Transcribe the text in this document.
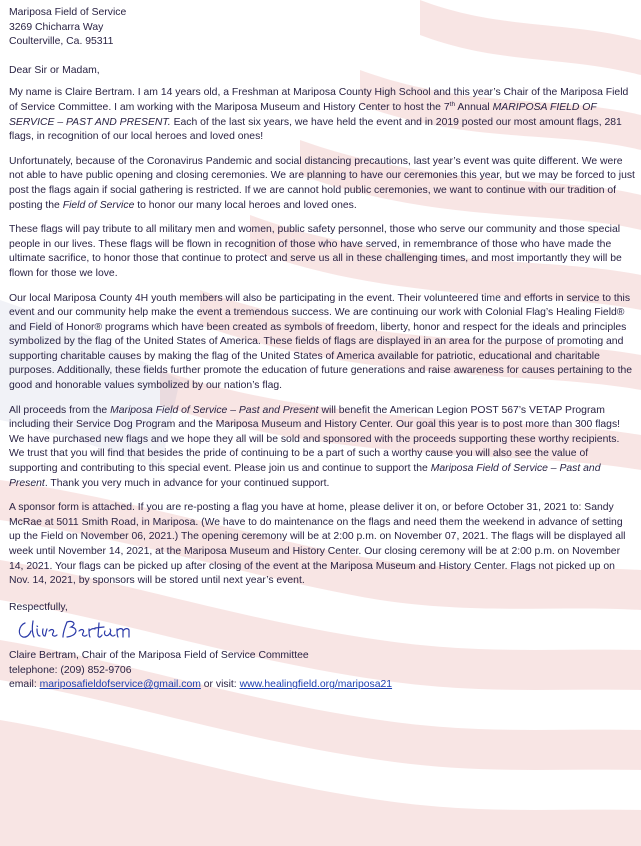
Mariposa Field of Service
3269 Chicharra Way
Coulterville, Ca. 95311
Dear Sir or Madam,

My name is Claire Bertram. I am 14 years old, a Freshman at Mariposa County High School and this year’s Chair of the Mariposa Field of Service Committee. I am working with the Mariposa Museum and History Center to host the 7th Annual MARIPOSA FIELD OF SERVICE – PAST AND PRESENT. Each of the last six years, we have held the event and in 2019 posted our most amount flags, 281 flags, in recognition of our local heroes and loved ones!

Unfortunately, because of the Coronavirus Pandemic and social distancing precautions, last year’s event was quite different. We were not able to have public opening and closing ceremonies. We are planning to have our ceremonies this year, but we may be forced to just post the flags again if social gathering is restricted. If we are cannot hold public ceremonies, we want to continue with our tradition of posting the Field of Service to honor our many local heroes and loved ones.

These flags will pay tribute to all military men and women, public safety personnel, those who serve our community and those special people in our lives. These flags will be flown in recognition of those who have served, in remembrance of those who have made the ultimate sacrifice, to honor those that continue to protect and serve us all in these challenging times, and most importantly they will be flown for those we love.

Our local Mariposa County 4H youth members will also be participating in the event. Their volunteered time and efforts in service to this event and our community help make the event a tremendous success. We are continuing our work with Colonial Flag’s Healing Field® and Field of Honor® programs which have been created as symbols of freedom, liberty, honor and respect for the ideals and principles symbolized by the flag of the United States of America. These fields of flags are displayed in an area for the purpose of promoting and supporting charitable causes by making the flag of the United States of America available for patriotic, educational and charitable purposes. Additionally, these fields further promote the education of future generations and raise awareness for causes pertaining to the good and honorable values symbolized by our nation’s flag.

All proceeds from the Mariposa Field of Service – Past and Present will benefit the American Legion POST 567’s VETAP Program including their Service Dog Program and the Mariposa Museum and History Center. Our goal this year is to post more than 300 flags! We have purchased new flags and we hope they all will be sold and sponsored with the proceeds supporting these worthy recipients. We trust that you will find that besides the pride of continuing to be a part of such a worthy cause you will also see the value of supporting and contributing to this special event. Please join us and continue to support the Mariposa Field of Service – Past and Present. Thank you very much in advance for your continued support.

A sponsor form is attached. If you are re-posting a flag you have at home, please deliver it on, or before October 31, 2021 to: Sandy McRae at 5011 Smith Road, in Mariposa. (We have to do maintenance on the flags and need them the weekend in advance of setting up the Field on November 06, 2021.) The opening ceremony will be at 2:00 p.m. on November 07, 2021. The flags will be displayed all week until November 14, 2021, at the Mariposa Museum and History Center. Our closing ceremony will be at 2:00 p.m. on November 14, 2021. Your flags can be picked up after closing of the event at the Mariposa Museum and History Center. Flags not picked up on Nov. 14, 2021, by sponsors will be stored until next year’s event.

Respectfully,
Claire Bertram, Chair of the Mariposa Field of Service Committee
telephone: (209) 852-9706
email: mariposafieldofservice@gmail.com or visit: www.healingfield.org/mariposa21
